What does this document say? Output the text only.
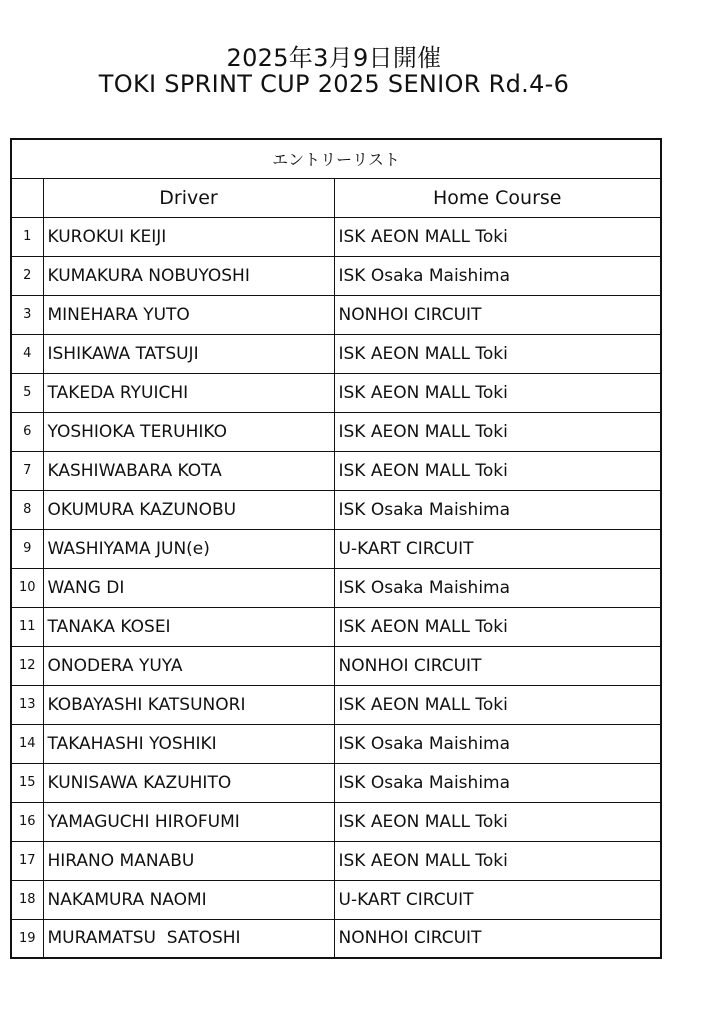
2025年3月9日開催
TOKI SPRINT CUP 2025 SENIOR Rd.4-6
エントリーリスト		
	Driver	Home Course
1	KUROKUI KEIJI	ISK AEON MALL Toki
2	KUMAKURA NOBUYOSHI	ISK Osaka Maishima
3	MINEHARA YUTO	NONHOI CIRCUIT
4	ISHIKAWA TATSUJI	ISK AEON MALL Toki
5	TAKEDA RYUICHI	ISK AEON MALL Toki
6	YOSHIOKA TERUHIKO	ISK AEON MALL Toki
7	KASHIWABARA KOTA	ISK AEON MALL Toki
8	OKUMURA KAZUNOBU	ISK Osaka Maishima
9	WASHIYAMA JUN(e)	U-KART CIRCUIT
10	WANG DI	ISK Osaka Maishima
11	TANAKA KOSEI	ISK AEON MALL Toki
12	ONODERA YUYA	NONHOI CIRCUIT
13	KOBAYASHI KATSUNORI	ISK AEON MALL Toki
14	TAKAHASHI YOSHIKI	ISK Osaka Maishima
15	KUNISAWA KAZUHITO	ISK Osaka Maishima
16	YAMAGUCHI HIROFUMI	ISK AEON MALL Toki
17	HIRANO MANABU	ISK AEON MALL Toki
18	NAKAMURA NAOMI	U-KART CIRCUIT
19	MURAMATSU  SATOSHI	NONHOI CIRCUIT
